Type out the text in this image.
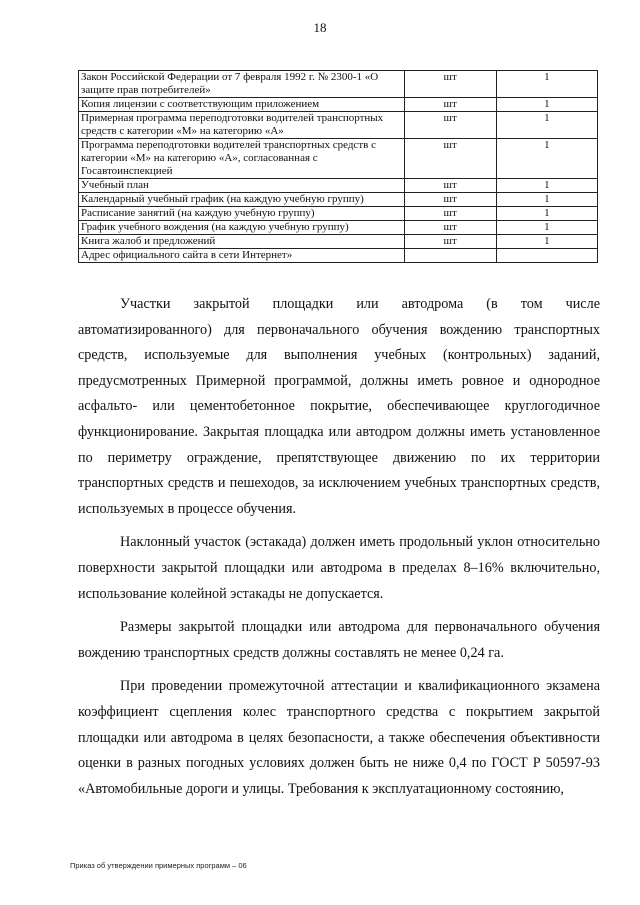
18
Закон Российской Федерации от 7 февраля 1992 г. № 2300-1 «О защите прав потребителей»	шт	1
Копия лицензии с соответствующим приложением	шт	1
Примерная программа переподготовки водителей транспортных средств с категории «М» на категорию «А»	шт	1
Программа переподготовки водителей транспортных средств с категории «М» на категорию «А», согласованная с Госавтоинспекцией	шт	1
Учебный план	шт	1
Календарный учебный график (на каждую учебную группу)	шт	1
Расписание занятий (на каждую учебную группу)	шт	1
График учебного вождения (на каждую учебную группу)	шт	1
Книга жалоб и предложений	шт	1
Адрес официального сайта в сети Интернет»		

Участки закрытой площадки или автодрома (в том числе автоматизированного) для первоначального обучения вождению транспортных средств, используемые для выполнения учебных (контрольных) заданий, предусмотренных Примерной программой, должны иметь ровное и однородное асфальто- или цементобетонное покрытие, обеспечивающее круглогодичное функционирование. Закрытая площадка или автодром должны иметь установленное по периметру ограждение, препятствующее движению по их территории транспортных средств и пешеходов, за исключением учебных транспортных средств, используемых в процессе обучения.

Наклонный участок (эстакада) должен иметь продольный уклон относительно поверхности закрытой площадки или автодрома в пределах 8–16% включительно, использование колейной эстакады не допускается.

Размеры закрытой площадки или автодрома для первоначального обучения вождению транспортных средств должны составлять не менее 0,24 га.

При проведении промежуточной аттестации и квалификационного экзамена коэффициент сцепления колес транспортного средства с покрытием закрытой площадки или автодрома в целях безопасности, а также обеспечения объективности оценки в разных погодных условиях должен быть не ниже 0,4 по ГОСТ Р 50597-93 «Автомобильные дороги и улицы. Требования к эксплуатационному состоянию,

Приказ об утверждении примерных программ – 06
